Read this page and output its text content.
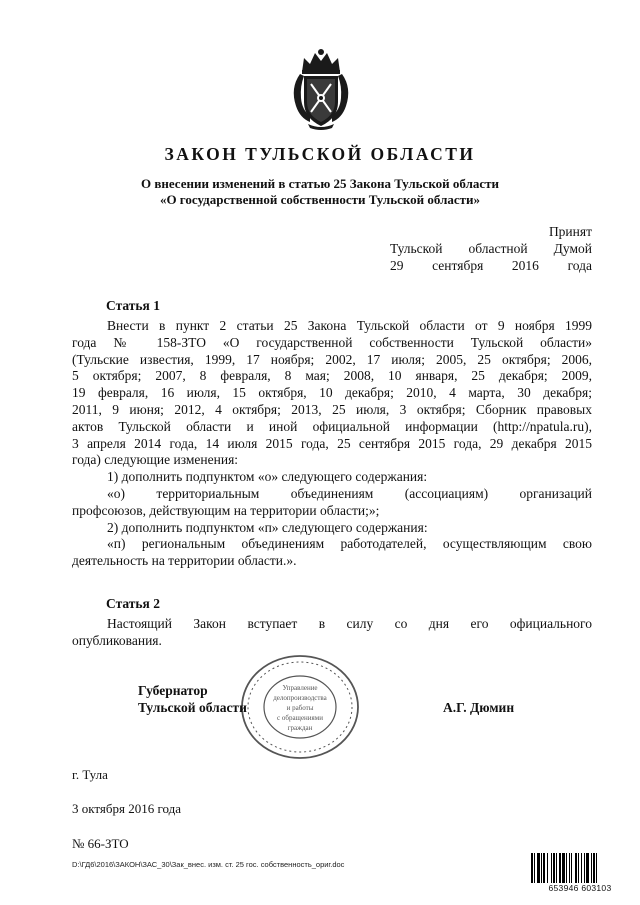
ЗАКОН ТУЛЬСКОЙ ОБЛАСТИ
О внесении изменений в статью 25 Закона Тульской области
«О государственной собственности Тульской области»
Принят
Тульской областной Думой
29 сентября 2016 года
Статья 1

Внести в пункт 2 статьи 25 Закона Тульской области от 9 ноября 1999

года № 158-ЗТО «О государственной собственности Тульской области»

(Тульские известия, 1999, 17 ноября; 2002, 17 июля; 2005, 25 октября; 2006,

5 октября; 2007, 8 февраля, 8 мая; 2008, 10 января, 25 декабря; 2009,

19 февраля, 16 июля, 15 октября, 10 декабря; 2010, 4 марта, 30 декабря;

2011, 9 июня; 2012, 4 октября; 2013, 25 июля, 3 октября; Сборник правовых

актов Тульской области и иной официальной информации (http://npatula.ru),

3 апреля 2014 года, 14 июля 2015 года, 25 сентября 2015 года, 29 декабря 2015

года) следующие изменения:

1) дополнить подпунктом «о» следующего содержания:

«о) территориальным объединениям (ассоциациям) организаций

профсоюзов, действующим на территории области;»;

2) дополнить подпунктом «п» следующего содержания:

«п) региональным объединениям работодателей, осуществляющим свою

деятельность на территории области.».

Статья 2

Настоящий Закон вступает в силу со дня его официального

опубликования.

Управление
делопроизводства
и работы
с обращениями
граждан
Губернатор
Тульской области	А.Г. Дюмин
г. Тула
3 октября 2016 года
№ 66-ЗТО
D:\ГД6\2016\ЗАКОН\ЗАС_30\Зак_внес. изм. ст. 25 гос. собственность_ориг.doc
653946 603103
